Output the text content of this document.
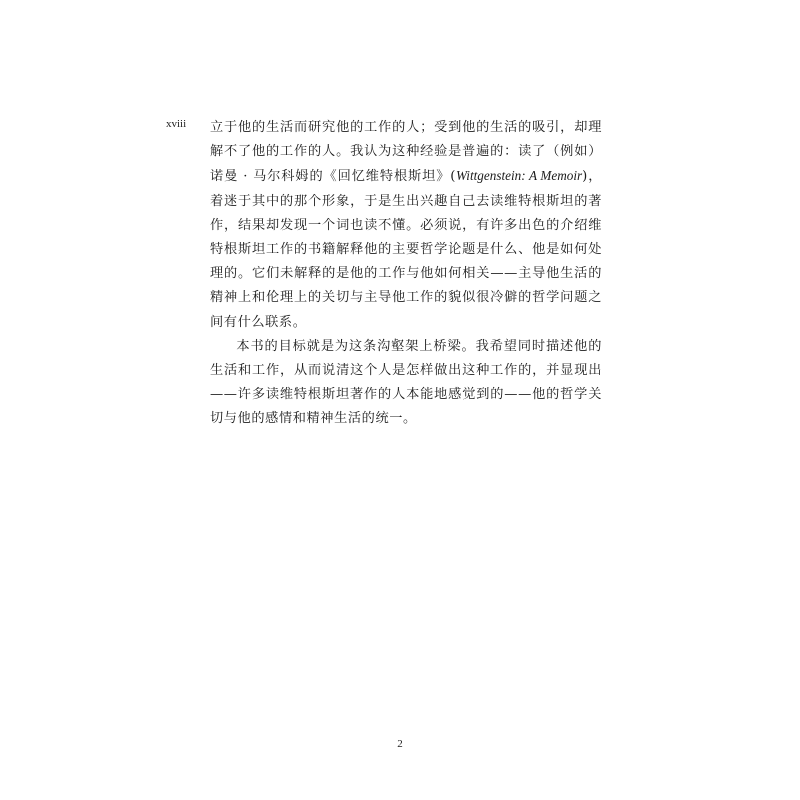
xviii 立于他的生活而研究他的工作的人；受到他的生活的吸引，却理解不了他的工作的人。我认为这种经验是普遍的：读了（例如）诺曼 · 马尔科姆的《回忆维特根斯坦》(Wittgenstein: A Memoir)，着迷于其中的那个形象，于是生出兴趣自己去读维特根斯坦的著作，结果却发现一个词也读不懂。必须说，有许多出色的介绍维特根斯坦工作的书籍解释他的主要哲学论题是什么、他是如何处理的。它们未解释的是他的工作与他如何相关——主导他生活的精神上和伦理上的关切与主导他工作的貌似很冷僻的哲学问题之间有什么联系。

本书的目标就是为这条沟壑架上桥梁。我希望同时描述他的生活和工作，从而说清这个人是怎样做出这种工作的，并显现出——许多读维特根斯坦著作的人本能地感觉到的——他的哲学关切与他的感情和精神生活的统一。

2
